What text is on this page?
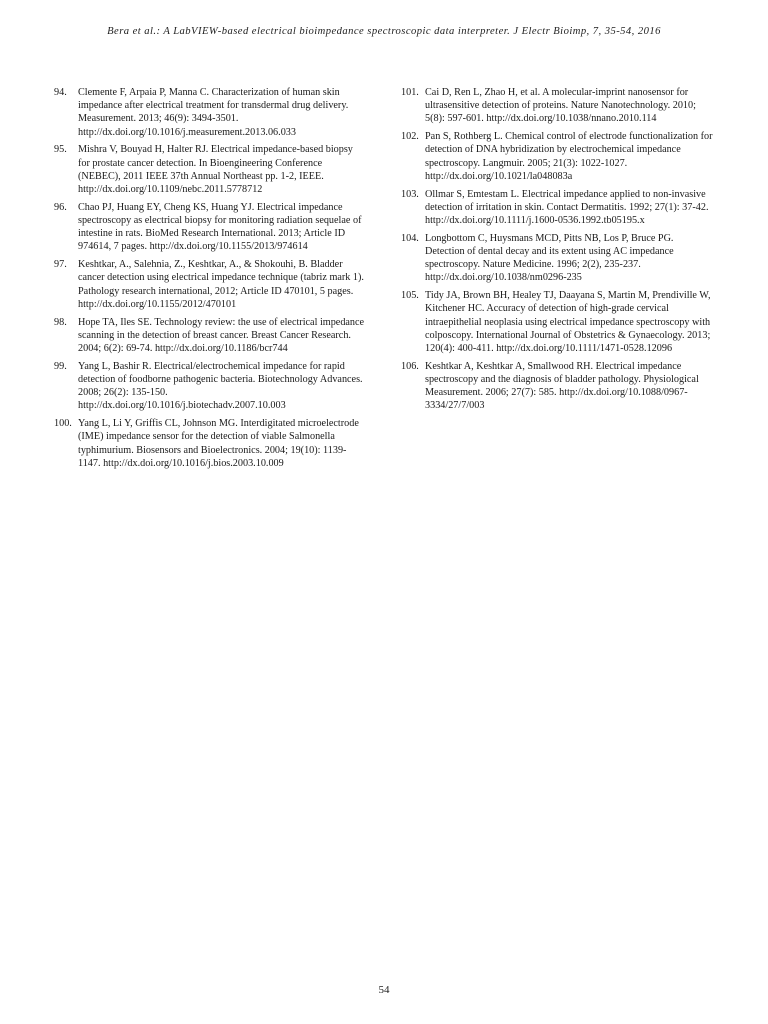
Bera et al.: A LabVIEW-based electrical bioimpedance spectroscopic data interpreter. J Electr Bioimp, 7, 35-54, 2016
94.	Clemente F, Arpaia P, Manna C. Characterization of human skin impedance after electrical treatment for transdermal drug delivery. Measurement. 2013; 46(9): 3494-3501. http://dx.doi.org/10.1016/j.measurement.2013.06.033
95.	Mishra V, Bouyad H, Halter RJ. Electrical impedance-based biopsy for prostate cancer detection. In Bioengineering Conference (NEBEC), 2011 IEEE 37th Annual Northeast pp. 1-2, IEEE. http://dx.doi.org/10.1109/nebc.2011.5778712
96.	Chao PJ, Huang EY, Cheng KS, Huang YJ. Electrical impedance spectroscopy as electrical biopsy for monitoring radiation sequelae of intestine in rats. BioMed Research International. 2013; Article ID 974614, 7 pages. http://dx.doi.org/10.1155/2013/974614
97.	Keshtkar, A., Salehnia, Z., Keshtkar, A., & Shokouhi, B. Bladder cancer detection using electrical impedance technique (tabriz mark 1). Pathology research international, 2012; Article ID 470101, 5 pages. http://dx.doi.org/10.1155/2012/470101
98.	Hope TA, Iles SE. Technology review: the use of electrical impedance scanning in the detection of breast cancer. Breast Cancer Research. 2004; 6(2): 69-74. http://dx.doi.org/10.1186/bcr744
99.	Yang L, Bashir R. Electrical/electrochemical impedance for rapid detection of foodborne pathogenic bacteria. Biotechnology Advances. 2008; 26(2): 135-150. http://dx.doi.org/10.1016/j.biotechadv.2007.10.003
100. Yang L, Li Y, Griffis CL, Johnson MG. Interdigitated microelectrode (IME) impedance sensor for the detection of viable Salmonella typhimurium. Biosensors and Bioelectronics. 2004; 19(10): 1139-1147. http://dx.doi.org/10.1016/j.bios.2003.10.009
101. Cai D, Ren L, Zhao H, et al. A molecular-imprint nanosensor for ultrasensitive detection of proteins. Nature Nanotechnology. 2010; 5(8): 597-601. http://dx.doi.org/10.1038/nnano.2010.114
102. Pan S, Rothberg L. Chemical control of electrode functionalization for detection of DNA hybridization by electrochemical impedance spectroscopy. Langmuir. 2005; 21(3): 1022-1027. http://dx.doi.org/10.1021/la048083a
103. Ollmar S, Emtestam L. Electrical impedance applied to non-invasive detection of irritation in skin. Contact Dermatitis. 1992; 27(1): 37-42. http://dx.doi.org/10.1111/j.1600-0536.1992.tb05195.x
104. Longbottom C, Huysmans MCD, Pitts NB, Los P, Bruce PG. Detection of dental decay and its extent using AC impedance spectroscopy. Nature Medicine. 1996; 2(2), 235-237. http://dx.doi.org/10.1038/nm0296-235
105. Tidy JA, Brown BH, Healey TJ, Daayana S, Martin M, Prendiville W, Kitchener HC. Accuracy of detection of high-grade cervical intraepithelial neoplasia using electrical impedance spectroscopy with colposcopy. International Journal of Obstetrics & Gynaecology. 2013; 120(4): 400-411. http://dx.doi.org/10.1111/1471-0528.12096
106. Keshtkar A, Keshtkar A, Smallwood RH. Electrical impedance spectroscopy and the diagnosis of bladder pathology. Physiological Measurement. 2006; 27(7): 585. http://dx.doi.org/10.1088/0967-3334/27/7/003
54
